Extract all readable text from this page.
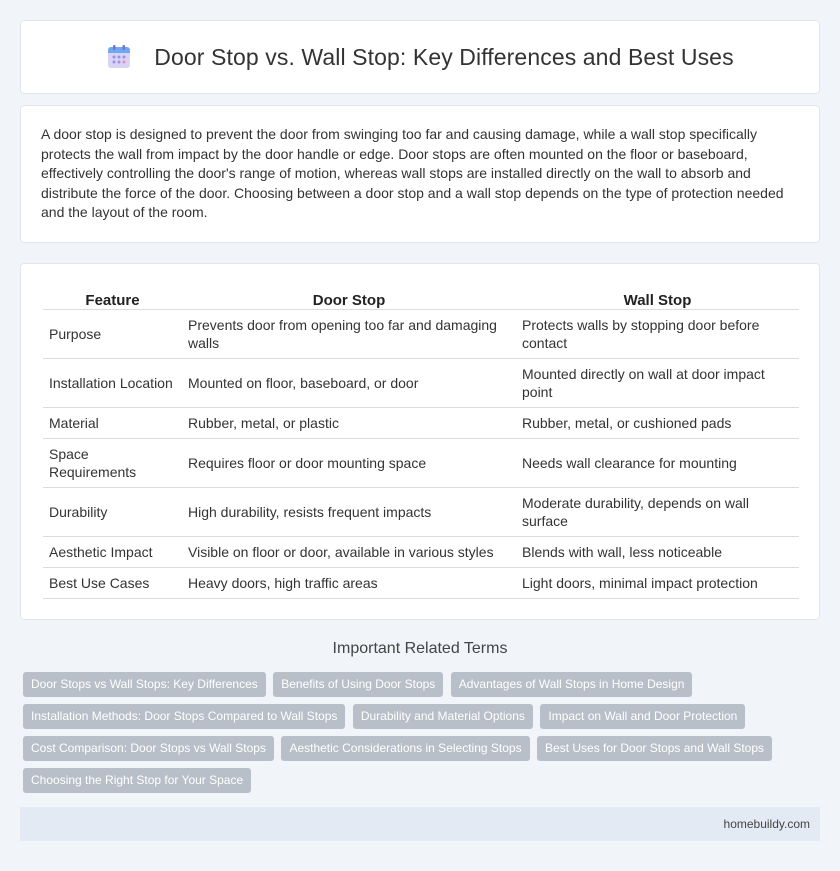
Door Stop vs. Wall Stop: Key Differences and Best Uses

A door stop is designed to prevent the door from swinging too far and causing damage, while a wall stop specifically protects the wall from impact by the door handle or edge. Door stops are often mounted on the floor or baseboard, effectively controlling the door's range of motion, whereas wall stops are installed directly on the wall to absorb and distribute the force of the door. Choosing between a door stop and a wall stop depends on the type of protection needed and the layout of the room.

Feature	Door Stop	Wall Stop
Purpose	Prevents door from opening too far and damaging walls	Protects walls by stopping door before contact
Installation Location	Mounted on floor, baseboard, or door	Mounted directly on wall at door impact point
Material	Rubber, metal, or plastic	Rubber, metal, or cushioned pads
Space Requirements	Requires floor or door mounting space	Needs wall clearance for mounting
Durability	High durability, resists frequent impacts	Moderate durability, depends on wall surface
Aesthetic Impact	Visible on floor or door, available in various styles	Blends with wall, less noticeable
Best Use Cases	Heavy doors, high traffic areas	Light doors, minimal impact protection
Important Related Terms
Door Stops vs Wall Stops: Key Differences Benefits of Using Door Stops Advantages of Wall Stops in Home Design Installation Methods: Door Stops Compared to Wall Stops Durability and Material Options Impact on Wall and Door Protection Cost Comparison: Door Stops vs Wall Stops Aesthetic Considerations in Selecting Stops Best Uses for Door Stops and Wall Stops Choosing the Right Stop for Your Space
homebuildy.com
